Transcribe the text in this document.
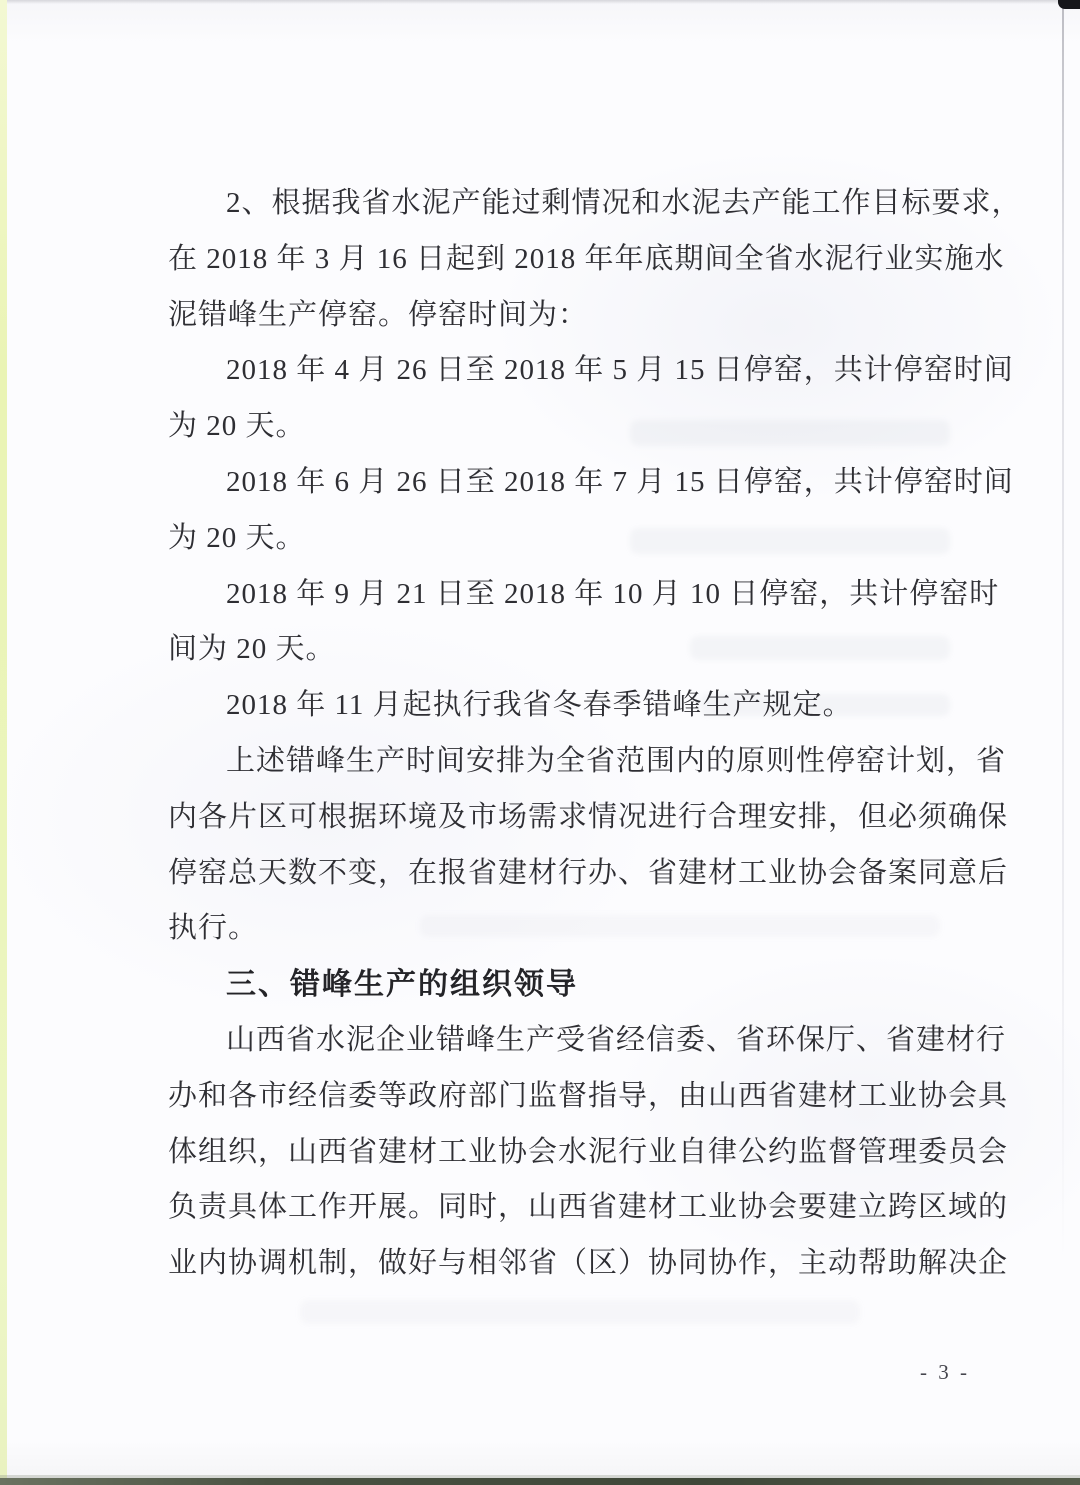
2、根据我省水泥产能过剩情况和水泥去产能工作目标要求，
在 2018 年 3 月 16 日起到 2018 年年底期间全省水泥行业实施水
泥错峰生产停窑。停窑时间为：
2018 年 4 月 26 日至 2018 年 5 月 15 日停窑，共计停窑时间
为 20 天。
2018 年 6 月 26 日至 2018 年 7 月 15 日停窑，共计停窑时间
为 20 天。
2018 年 9 月 21 日至 2018 年 10 月 10 日停窑，共计停窑时
间为 20 天。
2018 年 11 月起执行我省冬春季错峰生产规定。
上述错峰生产时间安排为全省范围内的原则性停窑计划，省
内各片区可根据环境及市场需求情况进行合理安排，但必须确保
停窑总天数不变，在报省建材行办、省建材工业协会备案同意后
执行。
三、错峰生产的组织领导
山西省水泥企业错峰生产受省经信委、省环保厅、省建材行
办和各市经信委等政府部门监督指导，由山西省建材工业协会具
体组织，山西省建材工业协会水泥行业自律公约监督管理委员会
负责具体工作开展。同时，山西省建材工业协会要建立跨区域的
业内协调机制，做好与相邻省（区）协同协作，主动帮助解决企
- 3 -
